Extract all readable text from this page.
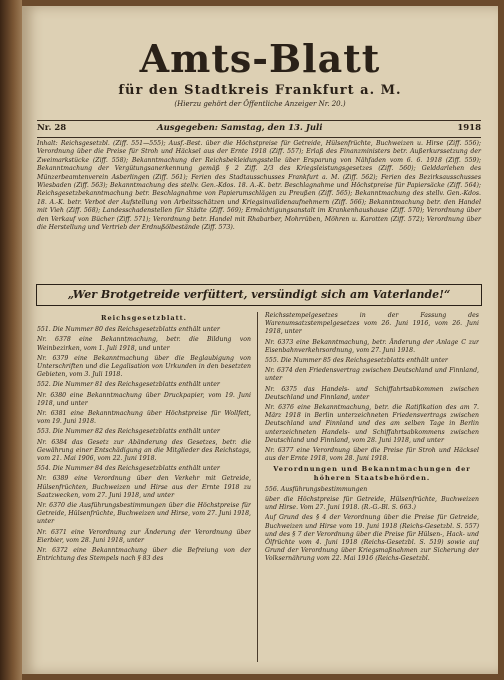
Amts-Blatt
für den Stadtkreis Frankfurt a. M.
(Hierzu gehört der Öffentliche Anzeiger Nr. 20.)
Nr. 28	Ausgegeben: Samstag, den 13. Juli	1918
Inhalt: Reichsgesetzbl. (Ziff. 551—555); Ausf.-Best. über die Höchstpreise für Getreide, Hülsenfrüchte, Buchweizen u. Hirse (Ziff. 556); Verordnung über die Preise für Stroh und Häcksel aus der Ernte 1918 (Ziff. 557); Erlaß des Finanzministers betr. Außerkurssetzung der Zweimarkstücke (Ziff. 558); Bekanntmachung der Reichsbekleidungsstelle über Ersparung von Nähfaden vom 6. 6. 1918 (Ziff. 559); Bekanntmachung der Vergütungsanerkennung gemäß § 2 Ziff. 2/3 des Kriegsleistungsgesetzes (Ziff. 560); Gelddarlehen des Münzerbeamtenverein Asberlingen (Ziff. 561); Ferien des Stadtausschusses Frankfurt a. M. (Ziff. 562); Ferien des Bezirksausschusses Wiesbaden (Ziff. 563); Bekanntmachung des stellv. Gen.-Kdos. 18. A.-K. betr. Beschlagnahme und Höchstpreise für Papiersäcke (Ziff. 564); Reichsgesetzbekanntmachung betr. Beschlagnahme von Papierumschlägen zu Preußen (Ziff. 565); Bekanntmachung des stellv. Gen.-Kdos. 18. A.-K. betr. Verbot der Aufstellung von Arbeitsschätzen und Kriegsinvalidenaufnehmern (Ziff. 566); Bekanntmachung betr. den Handel mit Vieh (Ziff. 568); Landesschadenstellen für Städte (Ziff. 569); Ermächtigungsanstalt im Krankenhaushause (Ziff. 570); Verordnung über den Verkauf von Bücher (Ziff. 571); Verordnung betr. Handel mit Rhabarber, Mohrrüben, Möhren u. Karotten (Ziff. 572); Verordnung über die Herstellung und Vertrieb der Erdnußölbestände (Ziff. 573).
„Wer Brotgetreide verfüttert, versündigt sich am Vaterlande!“
Reichsgesetzblatt.
551. Die Nummer 80 des Reichsgesetzblatts enthält unter
Nr. 6378 eine Bekanntmachung, betr. die Bildung von Weinbezirken, vom 1. Juli 1918, und unter
Nr. 6379 eine Bekanntmachung über die Beglaubigung von Unterschriften und die Legalisation von Urkunden in den besetzten Gebieten, vom 3. Juli 1918.
552. Die Nummer 81 des Reichsgesetzblatts enthält unter
Nr. 6380 eine Bekanntmachung über Druckpapier, vom 19. Juni 1918, und unter
Nr. 6381 eine Bekanntmachung über Höchstpreise für Wollfett, vom 19. Juni 1918.
553. Die Nummer 82 des Reichsgesetzblatts enthält unter
Nr. 6384 das Gesetz zur Abänderung des Gesetzes, betr. die Gewährung einer Entschädigung an die Mitglieder des Reichstags, vom 21. Mai 1906, vom 22. Juni 1918.
554. Die Nummer 84 des Reichsgesetzblatts enthält unter
Nr. 6389 eine Verordnung über den Verkehr mit Getreide, Hülsenfrüchten, Buchweizen und Hirse aus der Ernte 1918 zu Saatzwecken, vom 27. Juni 1918, und unter
Nr. 6370 die Ausführungsbestimmungen über die Höchstpreise für Getreide, Hülsenfrüchte, Buchweizen und Hirse, vom 27. Juni 1918, unter
Nr. 6371 eine Verordnung zur Änderung der Verordnung über Eierbier, vom 28. Juni 1918, unter
Nr. 6372 eine Bekanntmachung über die Befreiung von der Entrichtung des Stempels nach § 83 des
Reichsstempelgesetzes in der Fassung des Warenumsatzstempelgesetzes vom 26. Juni 1916, vom 26. Juni 1918, unter
Nr. 6373 eine Bekanntmachung, betr. Änderung der Anlage C zur Eisenbahnverkehrsordnung, vom 27. Juni 1918.
555. Die Nummer 85 des Reichsgesetzblatts enthält unter
Nr. 6374 den Friedensvertrag zwischen Deutschland und Finnland, unter
Nr. 6375 das Handels- und Schiffahrtsabkommen zwischen Deutschland und Finnland, unter
Nr. 6376 eine Bekanntmachung, betr. die Ratifikation des am 7. März 1918 in Berlin unterzeichneten Friedensvertrags zwischen Deutschland und Finnland und des am selben Tage in Berlin unterzeichneten Handels- und Schiffahrtsabkommens zwischen Deutschland und Finnland, vom 28. Juni 1918, und unter
Nr. 6377 eine Verordnung über die Preise für Stroh und Häcksel aus der Ernte 1918, vom 28. Juni 1918.
Verordnungen und Bekanntmachungen der höheren Staatsbehörden.
556. Ausführungsbestimmungen
über die Höchstpreise für Getreide, Hülsenfrüchte, Buchweizen und Hirse. Vom 27. Juni 1918. (R.-G.-Bl. S. 663.)
Auf Grund des § 4 der Verordnung über die Preise für Getreide, Buchweizen und Hirse vom 19. Juni 1918 (Reichs-Gesetzbl. S. 557) und des § 7 der Verordnung über die Preise für Hülsen-, Hack- und Ölfrüchte vom 4. Juni 1918 (Reichs-Gesetzbl. S. 519) sowie auf Grund der Verordnung über Kriegsmaßnahmen zur Sicherung der Volksernährung vom 22. Mai 1916 (Reichs-Gesetzbl.
